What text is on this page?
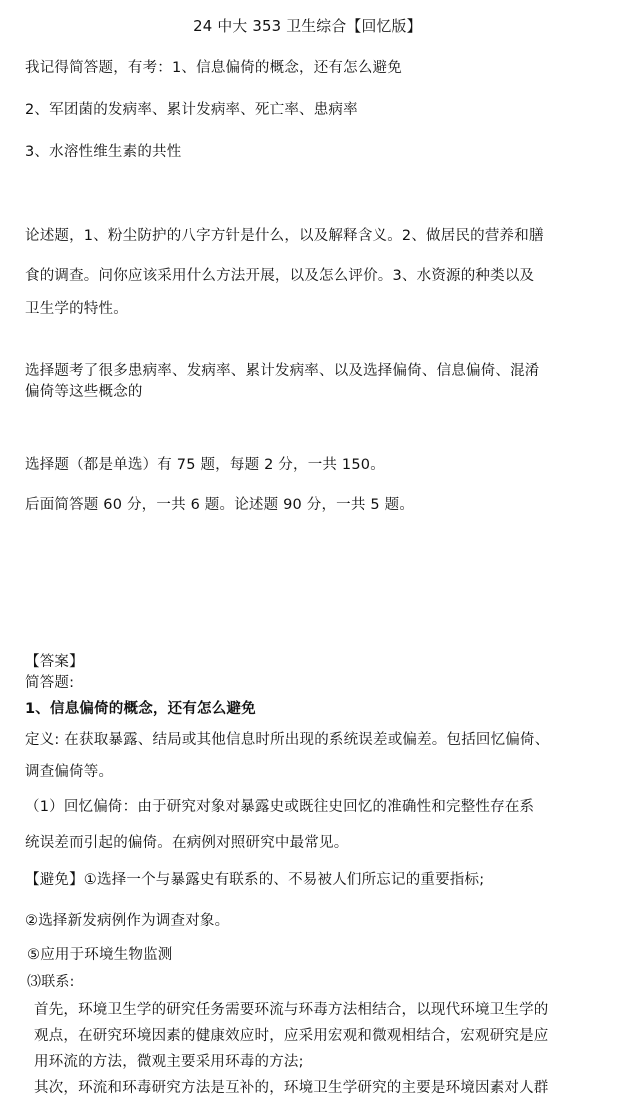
24 中大 353 卫生综合【回忆版】

我记得简答题，有考：1、信息偏倚的概念，还有怎么避免

2、军团菌的发病率、累计发病率、死亡率、患病率

3、水溶性维生素的共性

论述题，1、粉尘防护的八字方针是什么，以及解释含义。2、做居民的营养和膳

食的调查。问你应该采用什么方法开展，以及怎么评价。3、水资源的种类以及

卫生学的特性。

选择题考了很多患病率、发病率、累计发病率、以及选择偏倚、信息偏倚、混淆

偏倚等这些概念的

选择题（都是单选）有 75 题，每题 2 分，一共 150。

后面简答题 60 分，一共 6 题。论述题 90 分，一共 5 题。

【答案】

简答题:

1、信息偏倚的概念，还有怎么避免

定义: 在获取暴露、结局或其他信息时所出现的系统误差或偏差。包括回忆偏倚、

调查偏倚等。

（1）回忆偏倚：由于研究对象对暴露史或既往史回忆的准确性和完整性存在系

统误差而引起的偏倚。在病例对照研究中最常见。

【避免】①选择一个与暴露史有联系的、不易被人们所忘记的重要指标;

②选择新发病例作为调查对象。

⑤应用于环境生物监测

⑶联系:

首先，环境卫生学的研究任务需要环流与环毒方法相结合，以现代环境卫生学的

观点，在研究环境因素的健康效应时，应采用宏观和微观相结合，宏观研究是应

用环流的方法，微观主要采用环毒的方法;

其次，环流和环毒研究方法是互补的，环境卫生学研究的主要是环境因素对人群
